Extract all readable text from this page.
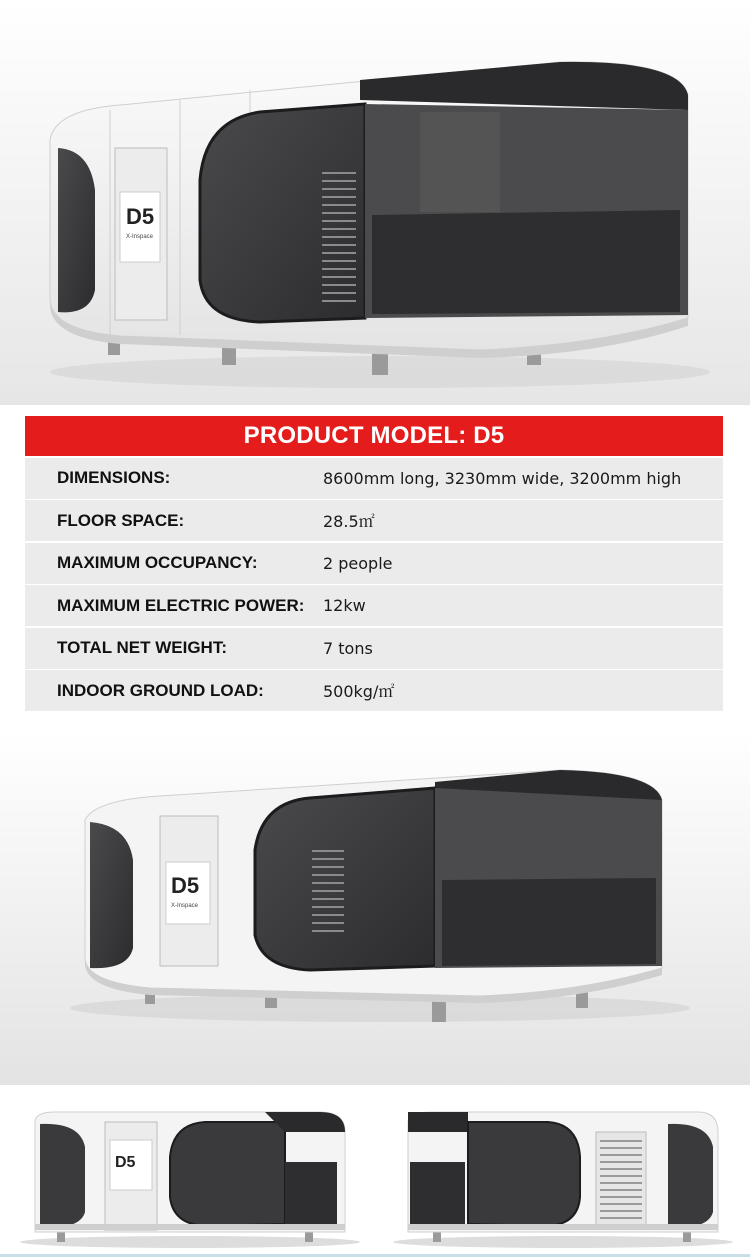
D5
X-Inspace
PRODUCT MODEL: D5
DIMENSIONS:	8600mm long, 3230mm wide, 3200mm high
FLOOR SPACE:	28.5㎡
MAXIMUM OCCUPANCY:	2 people
MAXIMUM ELECTRIC POWER:	12kw
TOTAL NET WEIGHT:	7 tons
INDOOR GROUND LOAD:	500kg/㎡
D5
X-Inspace
D5
